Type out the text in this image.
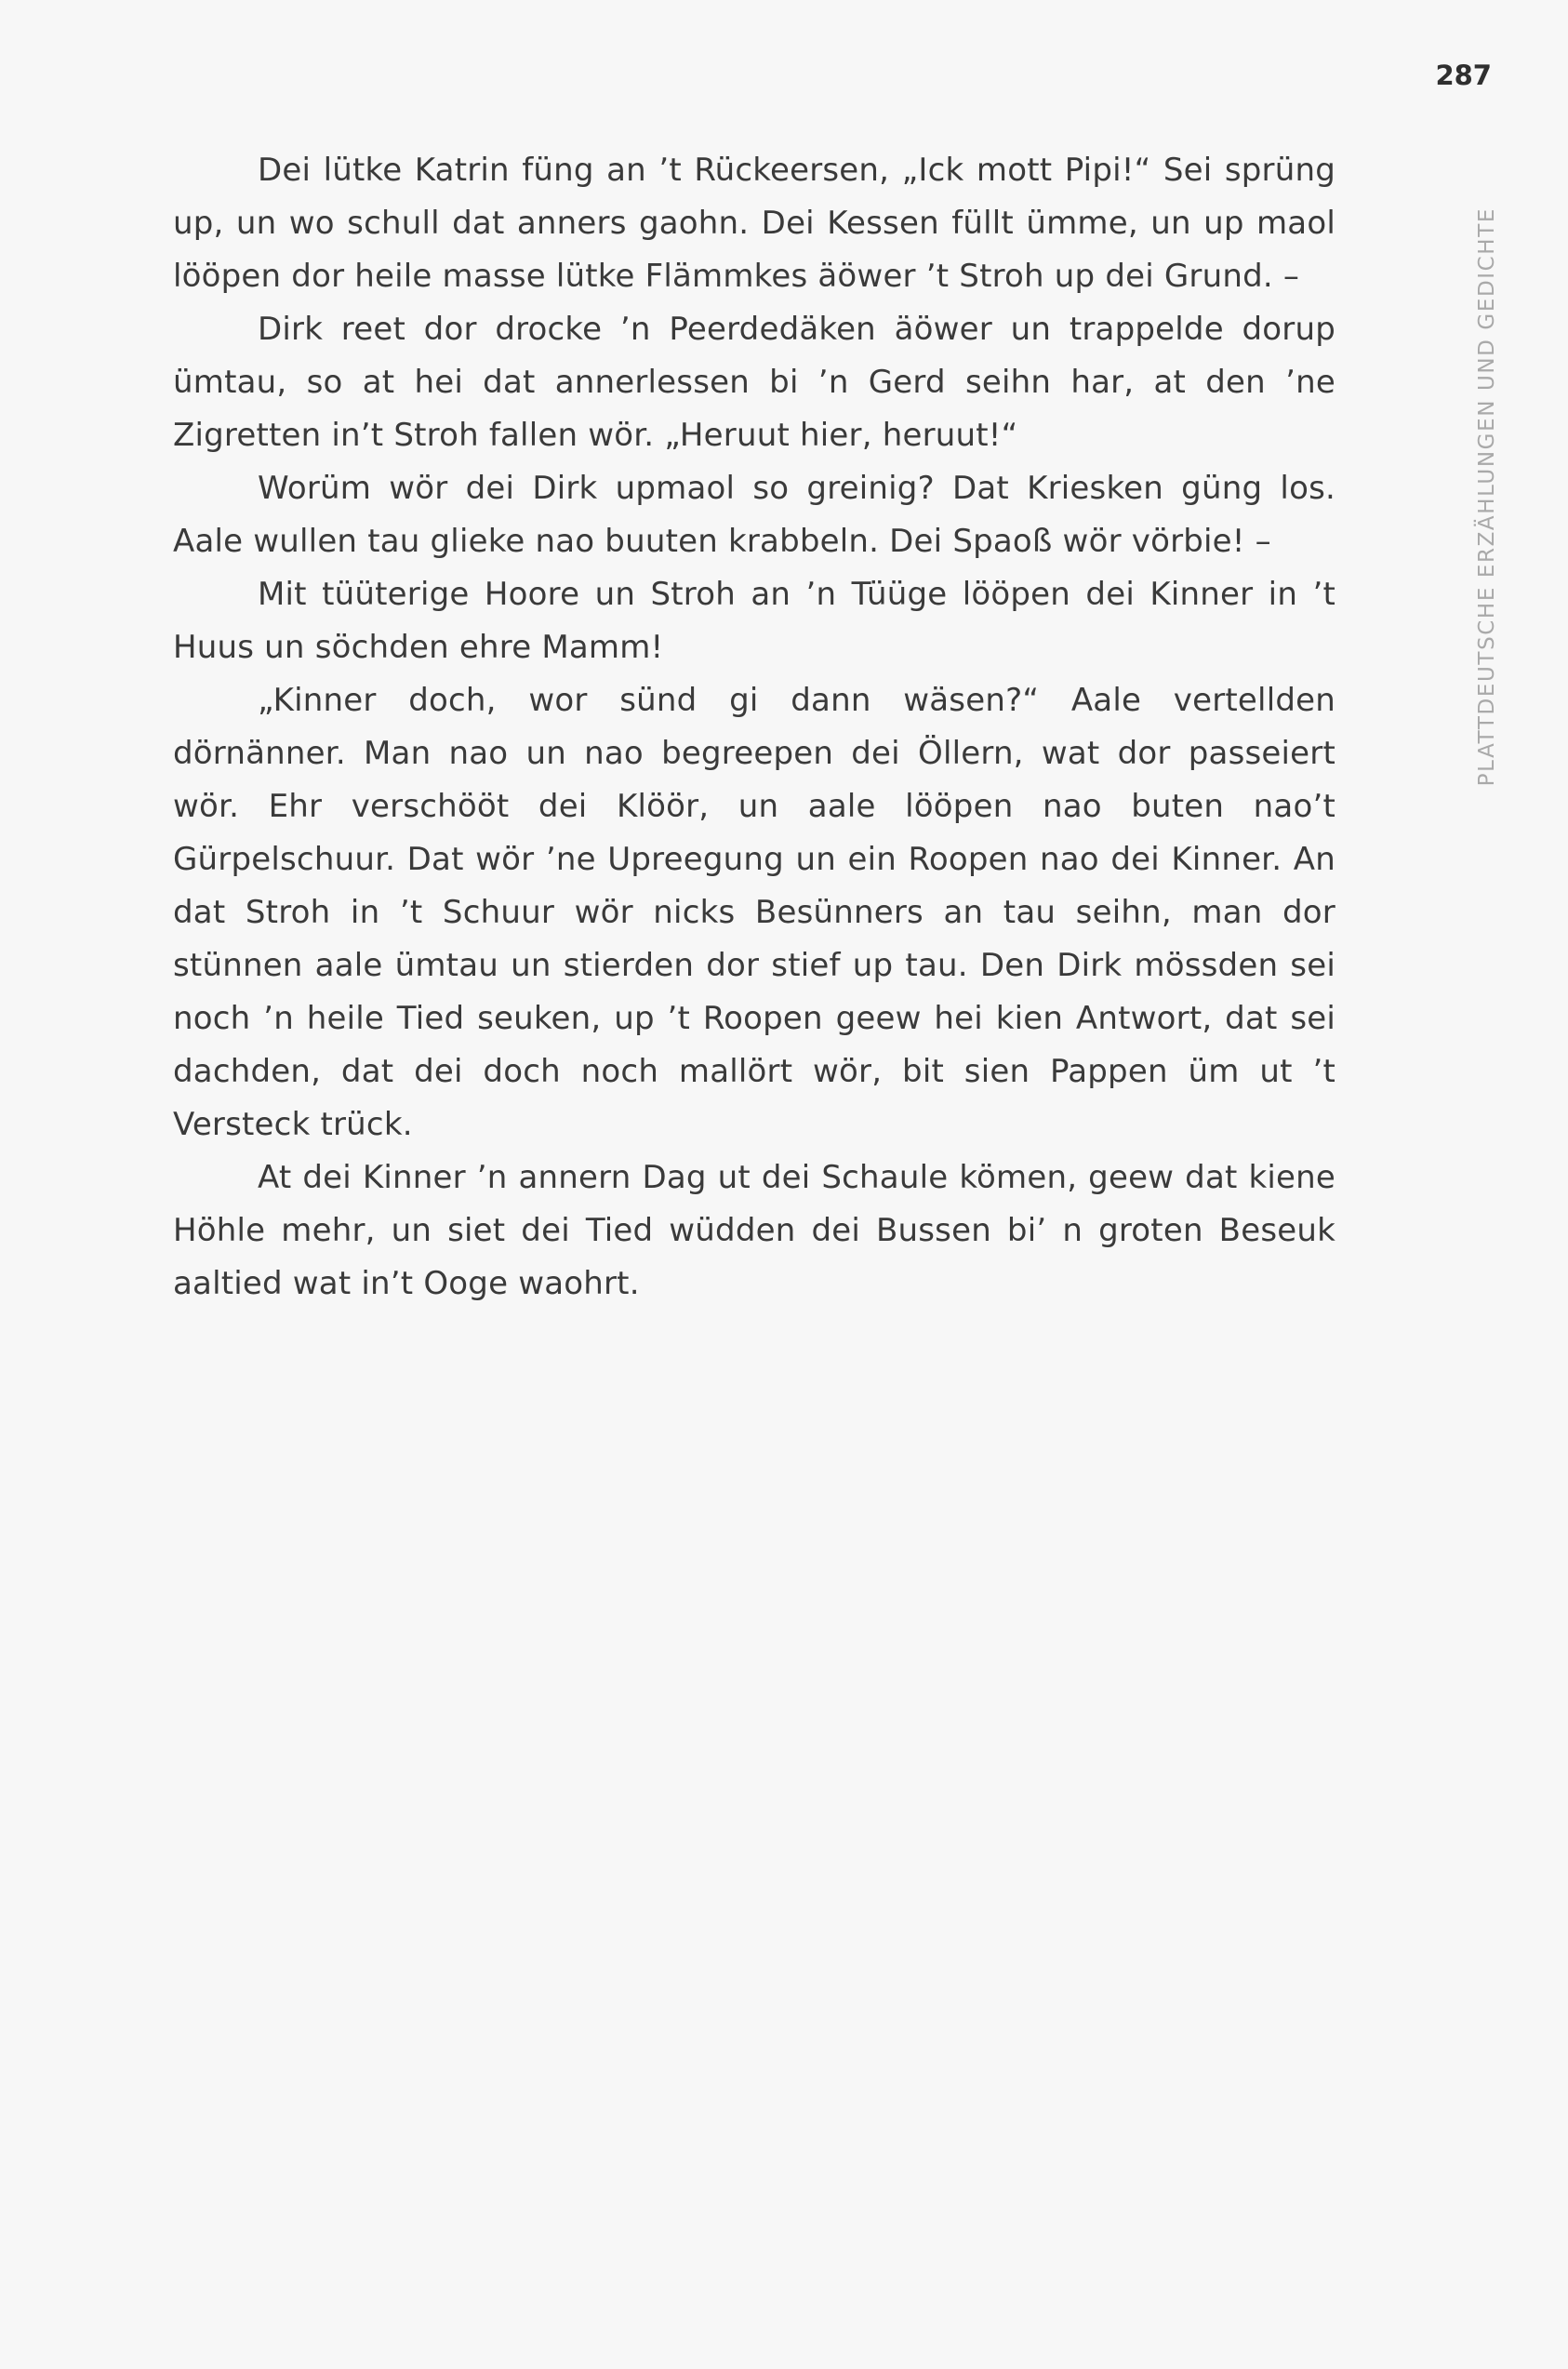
287
PLATTDEUTSCHE ERZÄHLUNGEN UND GEDICHTE

Dei lütke Katrin füng an ’t Rückeersen, „Ick mott Pipi!“ Sei sprüng up, un wo schull dat anners gaohn. Dei Kessen füllt ümme, un up maol lööpen dor heile masse lütke Flämmkes äöwer ’t Stroh up dei Grund. –

Dirk reet dor drocke ’n Peerdedäken äöwer un trappelde dorup ümtau, so at hei dat annerlessen bi ’n Gerd seihn har, at den ’ne Zigretten in’t Stroh fallen wör. „Heruut hier, heruut!“

Worüm wör dei Dirk upmaol so greinig? Dat Kriesken güng los. Aale wullen tau glieke nao buuten krabbeln. Dei Spaoß wör vörbie! –

Mit tüüterige Hoore un Stroh an ’n Tüüge lööpen dei Kinner in ’t Huus un söchden ehre Mamm!

„Kinner doch, wor sünd gi dann wäsen?“ Aale vertellden dörnänner. Man nao un nao begreepen dei Öllern, wat dor passeiert wör. Ehr verschööt dei Klöör, un aale lööpen nao buten nao’t Gürpelschuur. Dat wör ’ne Upreegung un ein Roopen nao dei Kinner. An dat Stroh in ’t Schuur wör nicks Besünners an tau seihn, man dor stünnen aale ümtau un stierden dor stief up tau. Den Dirk mössden sei noch ’n heile Tied seuken, up ’t Roopen geew hei kien Antwort, dat sei dachden, dat dei doch noch mallört wör, bit sien Pappen üm ut ’t Versteck trück.

At dei Kinner ’n annern Dag ut dei Schaule kömen, geew dat kiene Höhle mehr, un siet dei Tied wüdden dei Bussen bi’ n groten Beseuk aaltied wat in’t Ooge waohrt.
